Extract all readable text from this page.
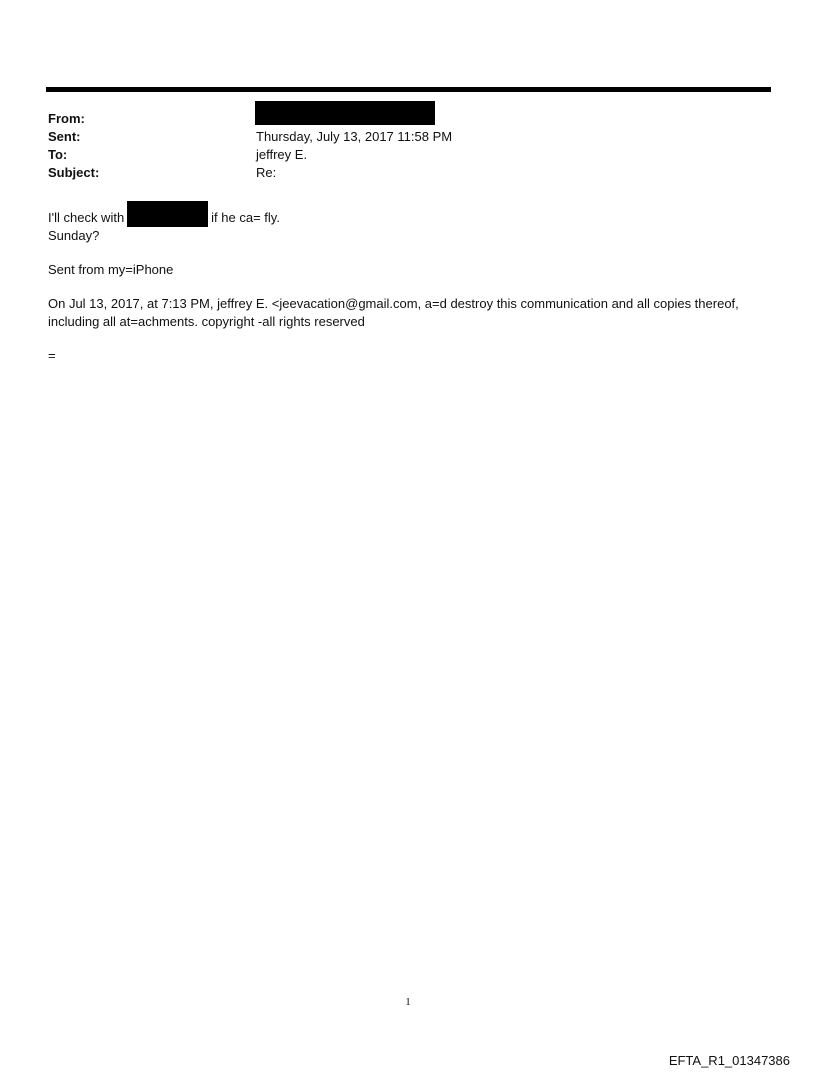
From:
Sent:	Thursday, July 13, 2017 11:58 PM
To:	jeffrey E.
Subject:	Re:

I'll check with	if he ca= fly.

Sunday?

Sent from my=iPhone

On Jul 13, 2017, at 7:13 PM, jeffrey E. <jeevacation@gmail.com, a=d destroy this communication and all copies thereof, including all at=achments. copyright -all rights reserved

=

1
EFTA_R1_01347386
